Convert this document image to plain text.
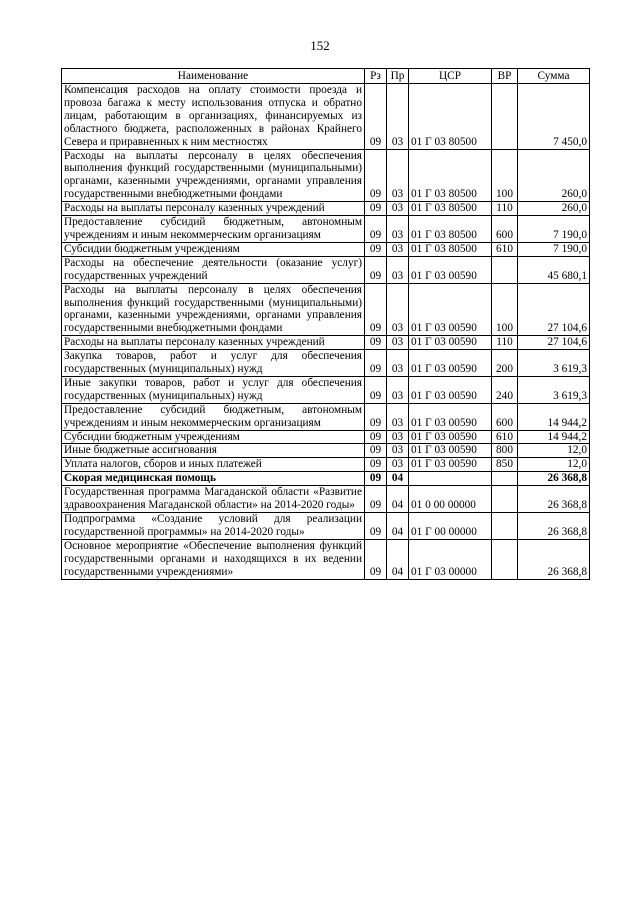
152
Наименование	Рз	Пр	ЦСР	ВР	Сумма
Компенсация расходов на оплату стоимости проезда и провоза багажа к месту использования отпуска и обратно лицам, работающим в организациях, финансируемых из областного бюджета, расположенных в районах Крайнего Севера и приравненных к ним местностях	09	03	01 Г 03 80500		7 450,0
Расходы на выплаты персоналу в целях обеспечения выполнения функций государственными (муниципальными) органами, казенными учреждениями, органами управления государственными внебюджетными фондами	09	03	01 Г 03 80500	100	260,0
Расходы на выплаты персоналу казенных учреждений	09	03	01 Г 03 80500	110	260,0
Предоставление субсидий бюджетным, автономным учреждениям и иным некоммерческим организациям	09	03	01 Г 03 80500	600	7 190,0
Субсидии бюджетным учреждениям	09	03	01 Г 03 80500	610	7 190,0
Расходы на обеспечение деятельности (оказание услуг) государственных учреждений	09	03	01 Г 03 00590		45 680,1
Расходы на выплаты персоналу в целях обеспечения выполнения функций государственными (муниципальными) органами, казенными учреждениями, органами управления государственными внебюджетными фондами	09	03	01 Г 03 00590	100	27 104,6
Расходы на выплаты персоналу казенных учреждений	09	03	01 Г 03 00590	110	27 104,6
Закупка товаров, работ и услуг для обеспечения государственных (муниципальных) нужд	09	03	01 Г 03 00590	200	3 619,3
Иные закупки товаров, работ и услуг для обеспечения государственных (муниципальных) нужд	09	03	01 Г 03 00590	240	3 619,3
Предоставление субсидий бюджетным, автономным учреждениям и иным некоммерческим организациям	09	03	01 Г 03 00590	600	14 944,2
Субсидии бюджетным учреждениям	09	03	01 Г 03 00590	610	14 944,2
Иные бюджетные ассигнования	09	03	01 Г 03 00590	800	12,0
Уплата налогов, сборов и иных платежей	09	03	01 Г 03 00590	850	12,0
Скорая медицинская помощь	09	04			26 368,8
Государственная программа Магаданской области «Развитие здравоохранения Магаданской области» на 2014-2020 годы»	09	04	01 0 00 00000		26 368,8
Подпрограмма «Создание условий для реализации государственной программы» на 2014-2020 годы»	09	04	01 Г 00 00000		26 368,8
Основное мероприятие «Обеспечение выполнения функций государственными органами и находящихся в их ведении государственными учреждениями»	09	04	01 Г 03 00000		26 368,8
